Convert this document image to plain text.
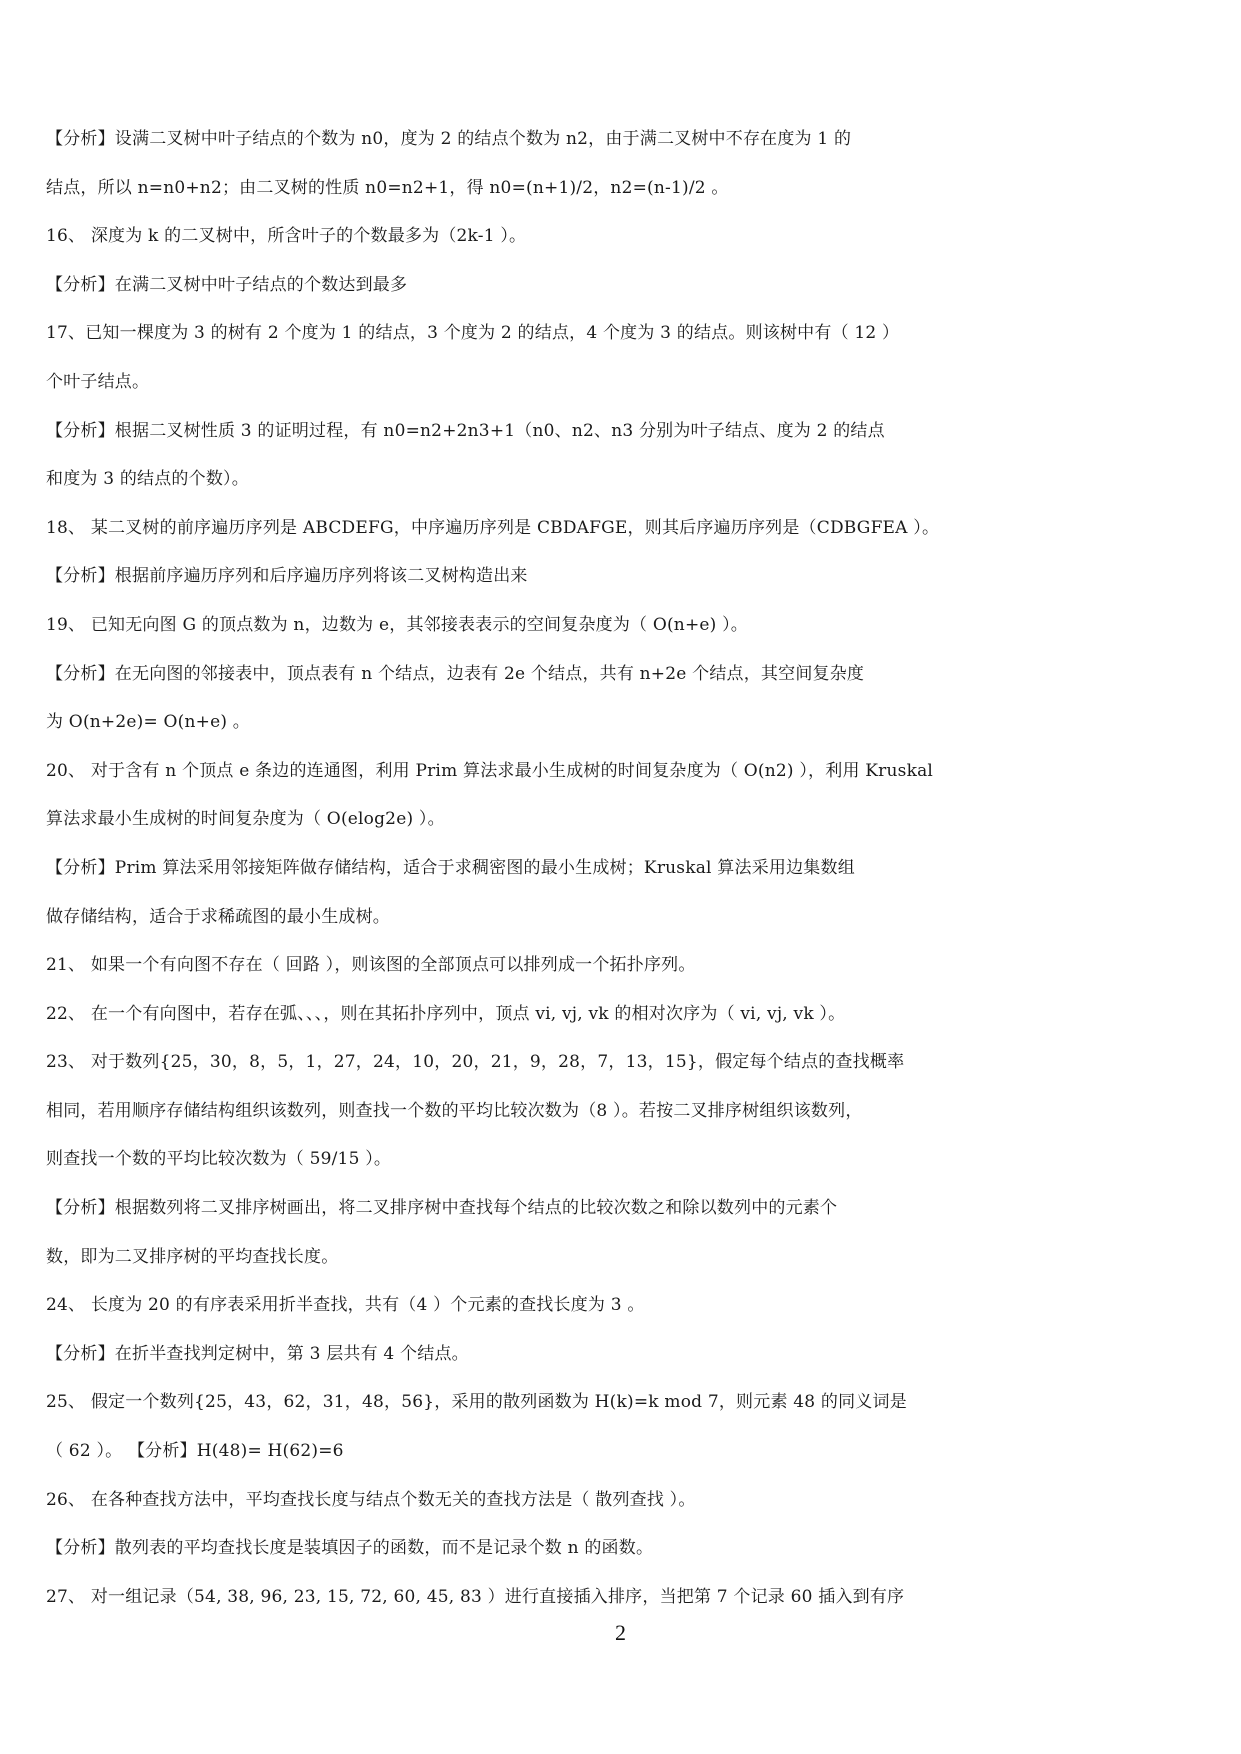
【分析】设满二叉树中叶子结点的个数为 n0，度为 2 的结点个数为 n2，由于满二叉树中不存在度为 1 的
结点，所以 n=n0+n2；由二叉树的性质 n0=n2+1，得 n0=(n+1)/2，n2=(n-1)/2 。
16、 深度为 k 的二叉树中，所含叶子的个数最多为（2k-1 ）。
【分析】在满二叉树中叶子结点的个数达到最多
17、已知一棵度为 3 的树有 2 个度为 1 的结点，3 个度为 2 的结点，4 个度为 3 的结点。则该树中有（ 12 ）
个叶子结点。
【分析】根据二叉树性质 3 的证明过程，有 n0=n2+2n3+1（n0、n2、n3 分别为叶子结点、度为 2 的结点
和度为 3 的结点的个数）。
18、 某二叉树的前序遍历序列是 ABCDEFG，中序遍历序列是 CBDAFGE，则其后序遍历序列是（CDBGFEA ）。
【分析】根据前序遍历序列和后序遍历序列将该二叉树构造出来
19、 已知无向图 G 的顶点数为 n，边数为 e，其邻接表表示的空间复杂度为（ O(n+e) ）。
【分析】在无向图的邻接表中，顶点表有 n 个结点，边表有 2e 个结点，共有 n+2e 个结点，其空间复杂度
为 O(n+2e)= O(n+e) 。
20、 对于含有 n 个顶点 e 条边的连通图，利用 Prim 算法求最小生成树的时间复杂度为（ O(n2) ），利用 Kruskal
算法求最小生成树的时间复杂度为（ O(elog2e) ）。
【分析】Prim 算法采用邻接矩阵做存储结构，适合于求稠密图的最小生成树；Kruskal 算法采用边集数组
做存储结构，适合于求稀疏图的最小生成树。
21、 如果一个有向图不存在（ 回路 ），则该图的全部顶点可以排列成一个拓扑序列。
22、 在一个有向图中，若存在弧、、、，则在其拓扑序列中，顶点 vi, vj, vk 的相对次序为（ vi, vj, vk ）。
23、 对于数列{25，30，8，5，1，27，24，10，20，21，9，28，7，13，15}，假定每个结点的查找概率
相同，若用顺序存储结构组织该数列，则查找一个数的平均比较次数为（8 ）。若按二叉排序树组织该数列，
则查找一个数的平均比较次数为（ 59/15 ）。
【分析】根据数列将二叉排序树画出，将二叉排序树中查找每个结点的比较次数之和除以数列中的元素个
数，即为二叉排序树的平均查找长度。
24、 长度为 20 的有序表采用折半查找，共有（4 ）个元素的查找长度为 3 。
【分析】在折半查找判定树中，第 3 层共有 4 个结点。
25、 假定一个数列{25，43，62，31，48，56}，采用的散列函数为 H(k)=k mod 7，则元素 48 的同义词是
（ 62 ）。 【分析】H(48)= H(62)=6
26、 在各种查找方法中，平均查找长度与结点个数无关的查找方法是（ 散列查找 ）。
【分析】散列表的平均查找长度是装填因子的函数，而不是记录个数 n 的函数。
27、 对一组记录（54, 38, 96, 23, 15, 72, 60, 45, 83 ）进行直接插入排序，当把第 7 个记录 60 插入到有序
2
